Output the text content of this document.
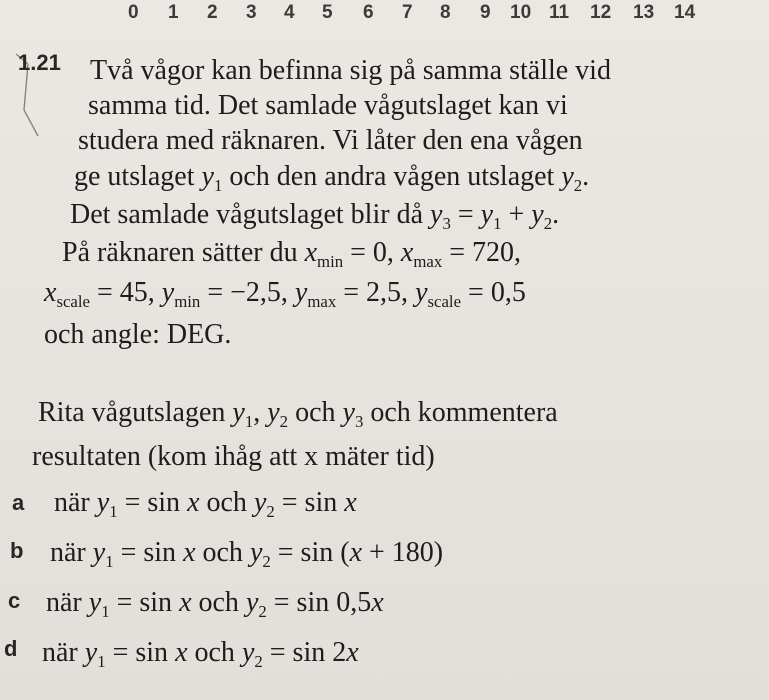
0 1 2 3 4 5 6 7 8 9 10 11 12 13 14
1.21 Två vågor kan befinna sig på samma ställe vid
samma tid. Det samlade vågutslaget kan vi
studera med räknaren. Vi låter den ena vågen
ge utslaget $y_1$ och den andra vågen utslaget $y_2$.
Det samlade vågutslaget blir då $y_3 = y_1 + y_2$.
På räknaren sätter du $x_{min} = 0$, $x_{max} = 720$,
$x_{scale} = 45$, $y_{min} = -2,5$, $y_{max} = 2,5$, $y_{scale} = 0,5$
och angle: DEG.
Rita vågutslagen $y_1$, $y_2$ och $y_3$ och kommentera
resultaten (kom ihåg att x mäter tid)
a när $y_1 = \sin x$ och $y_2 = \sin x$
b när $y_1 = \sin x$ och $y_2 = \sin (x + 180)$
c när $y_1 = \sin x$ och $y_2 = \sin 0,5x$
d när $y_1 = \sin x$ och $y_2 = \sin 2x$
